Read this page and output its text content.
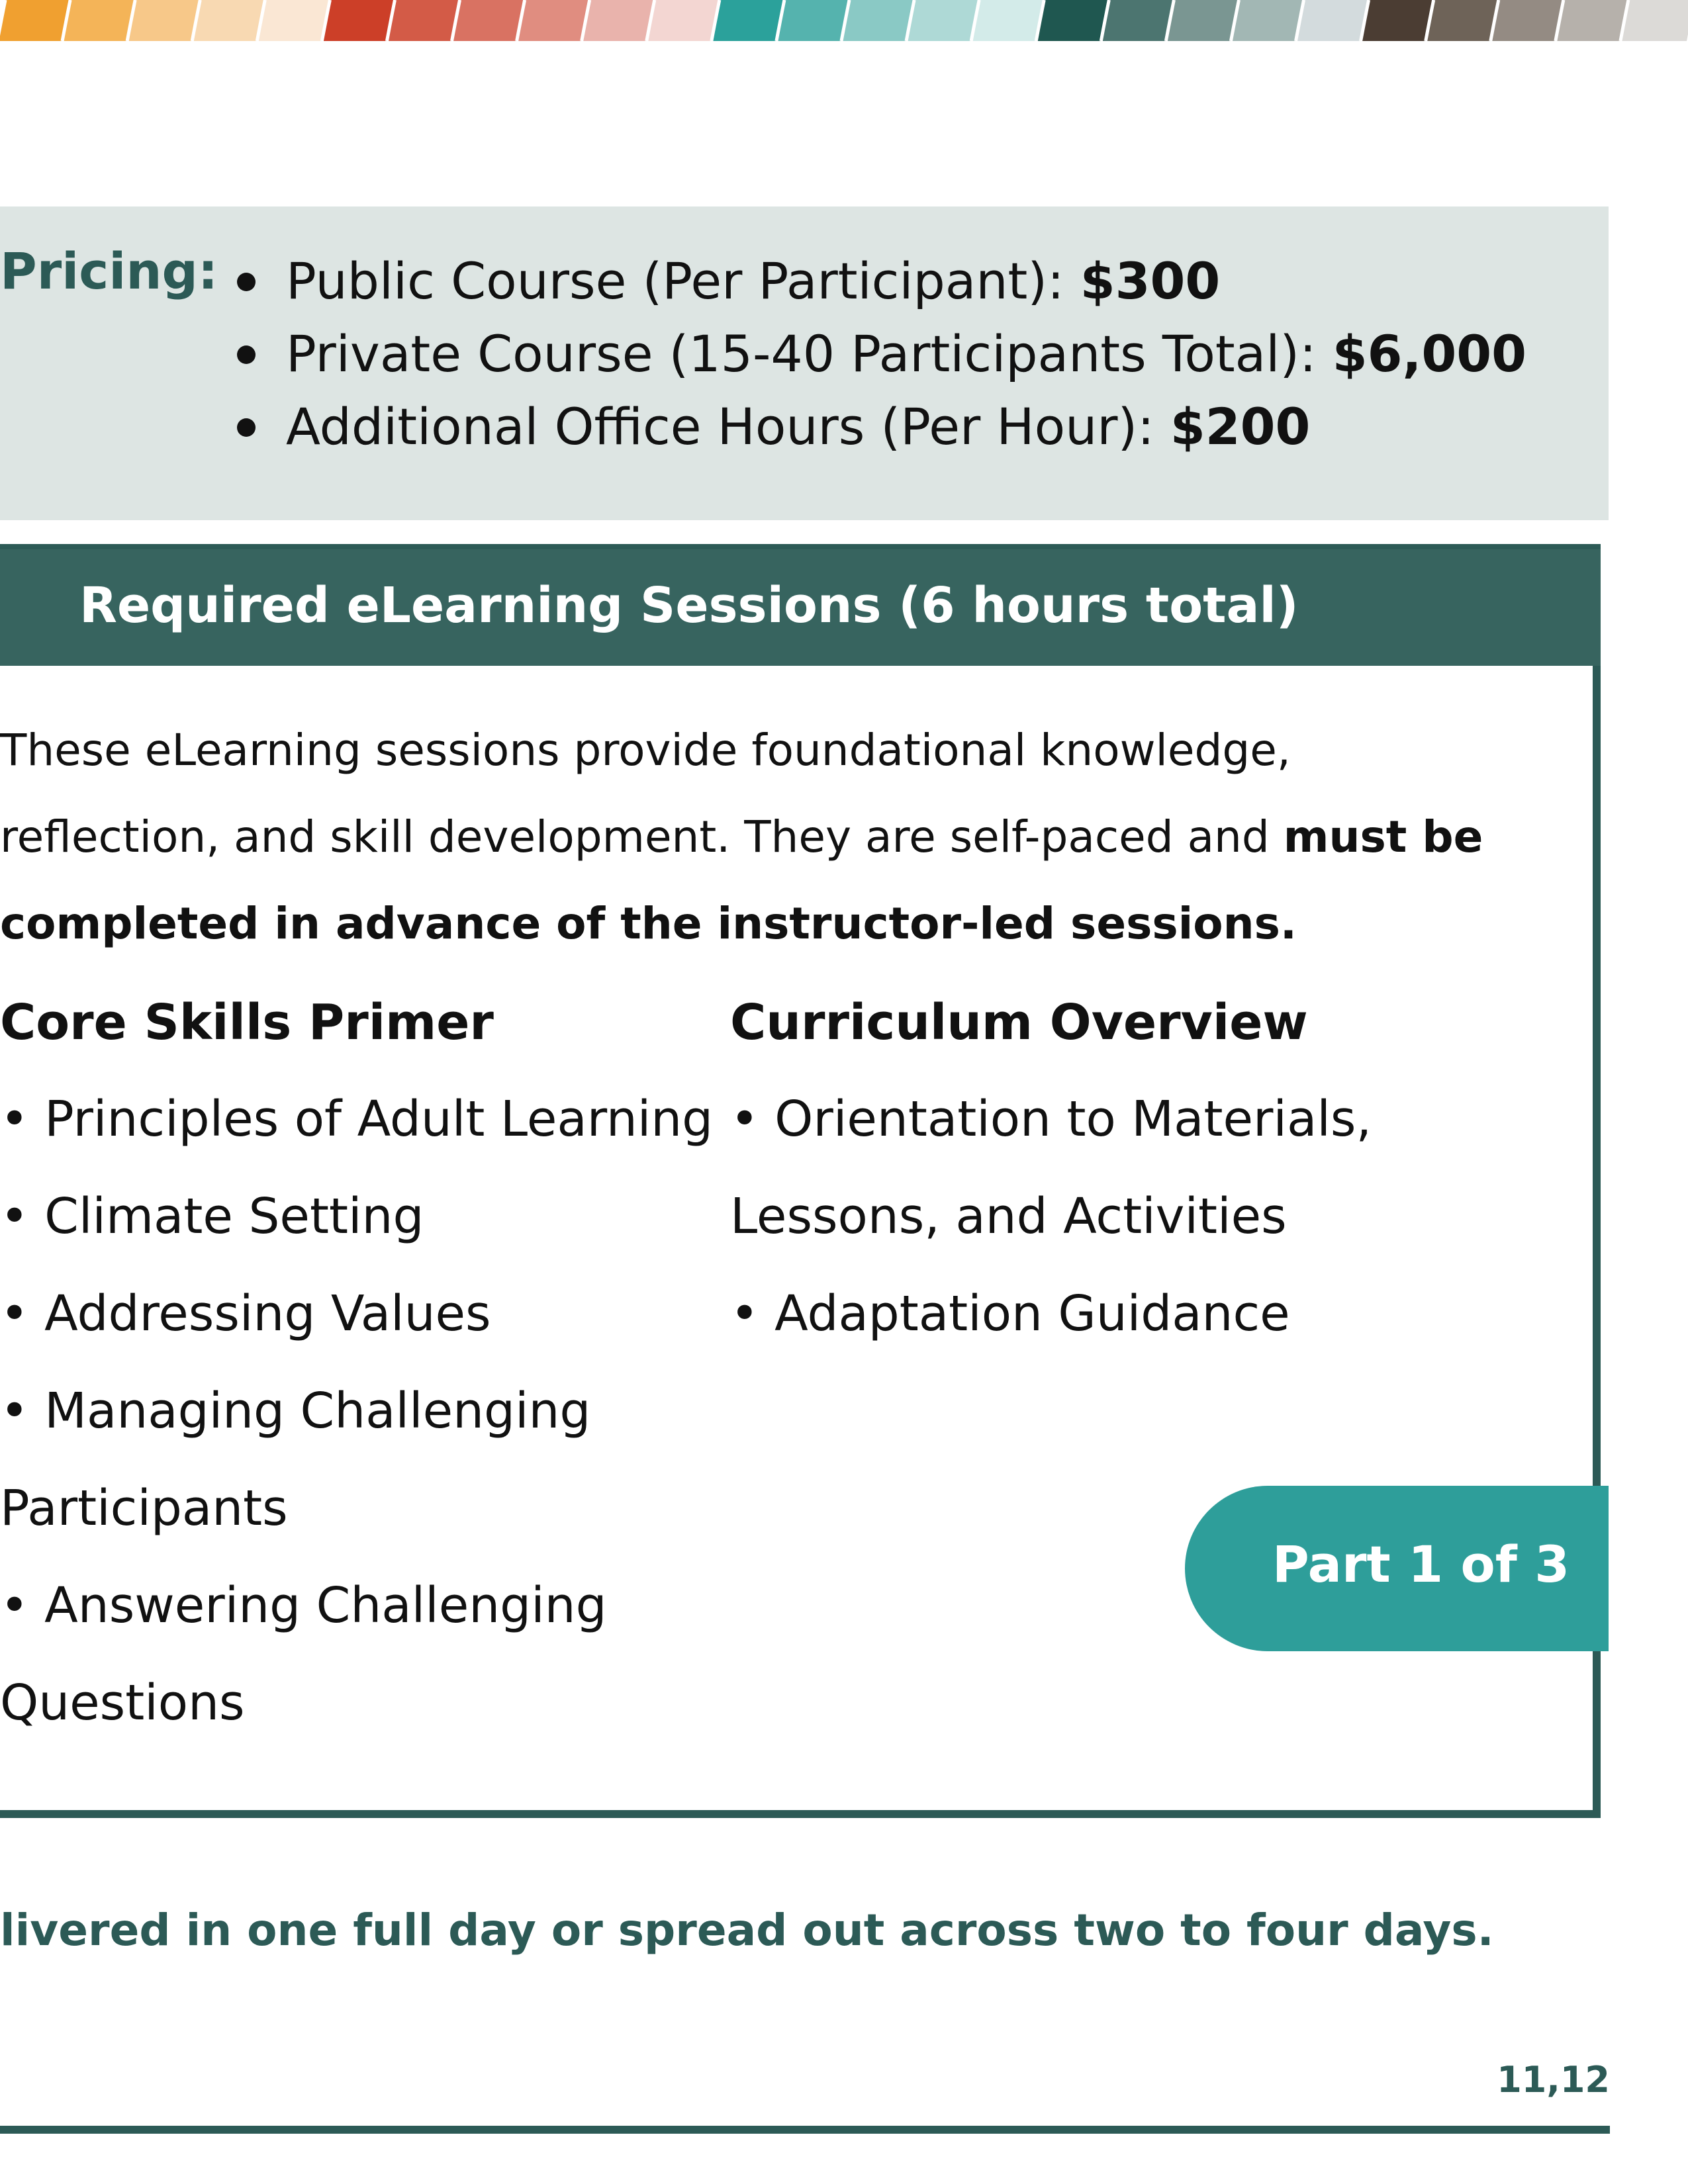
Pricing:	Public Course (Per Participant): $300
Private Course (15-40 Participants Total): $6,000
Additional Office Hours (Per Hour): $200
Required eLearning Sessions (6 hours total)

These eLearning sessions provide foundational knowledge, reflection, and skill development. They are self-paced and must be completed in advance of the instructor-led sessions.

Core Skills Primer
• Principles of Adult Learning
• Climate Setting
• Addressing Values
• Managing Challenging
Participants
• Answering Challenging
Questions
Curriculum Overview
• Orientation to Materials,
Lessons, and Activities
• Adaptation Guidance
Part 1 of 3
livered in one full day or spread out across two to four days.
11,12
